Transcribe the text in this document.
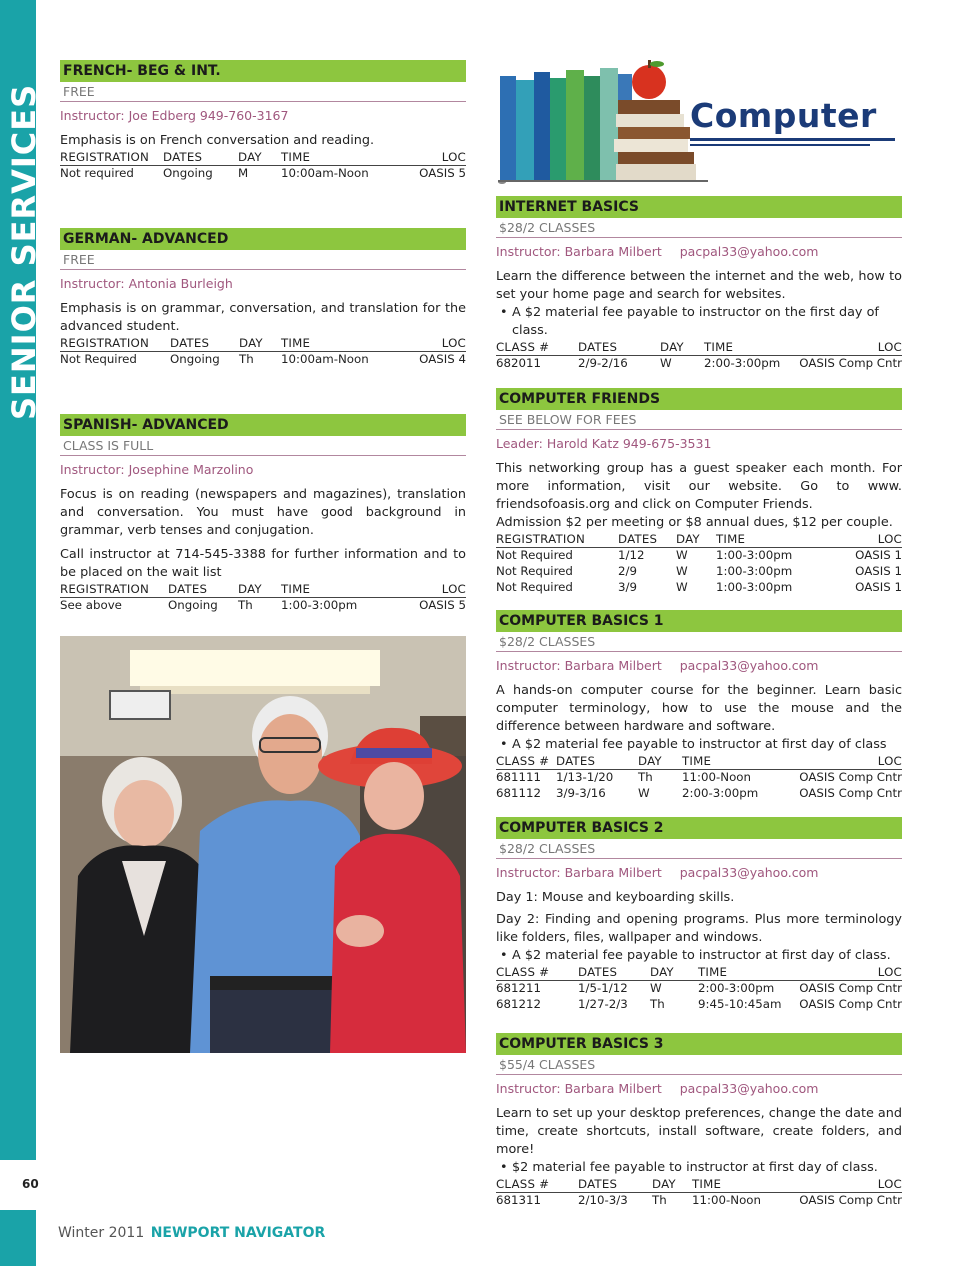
SENIOR SERVICES
60
FRENCH- BEG & INT.
FREE
Instructor: Joe Edberg 949-760-3167
Emphasis is on French conversation and reading.
REGISTRATION	DATES	DAY	TIME	LOC
Not required	Ongoing	M	10:00am-Noon	OASIS 5
GERMAN- ADVANCED
FREE
Instructor: Antonia Burleigh
Emphasis is on grammar, conversation, and translation for the advanced student.
REGISTRATION	DATES	DAY	TIME	LOC
Not Required	Ongoing	Th	10:00am-Noon	OASIS 4
SPANISH- ADVANCED
CLASS IS FULL
Instructor: Josephine Marzolino
Focus is on reading (newspapers and magazines), translation and conversation. You must have good background in grammar, verb tenses and conjugation.
Call instructor at 714-545-3388 for further information and to be placed on the wait list
REGISTRATION	DATES	DAY	TIME	LOC
See above	Ongoing	Th	1:00-3:00pm	OASIS 5
Computer
INTERNET BASICS
$28/2 CLASSES
Instructor: Barbara Milbert pacpal33@yahoo.com
Learn the difference between the internet and the web, how to set your home page and search for websites.
• A $2 material fee payable to instructor on the first day of class.
CLASS #	DATES	DAY	TIME	LOC
682011	2/9-2/16	W	2:00-3:00pm	OASIS Comp Cntr
COMPUTER FRIENDS
SEE BELOW FOR FEES
Leader: Harold Katz 949-675-3531
This networking group has a guest speaker each month. For more information, visit our website. Go to www. friendsofoasis.org and click on Computer Friends.
Admission $2 per meeting or $8 annual dues, $12 per couple.
REGISTRATION	DATES	DAY	TIME	LOC
Not Required	1/12	W	1:00-3:00pm	OASIS 1
Not Required	2/9	W	1:00-3:00pm	OASIS 1
Not Required	3/9	W	1:00-3:00pm	OASIS 1
COMPUTER BASICS 1
$28/2 CLASSES
Instructor: Barbara Milbert pacpal33@yahoo.com
A hands-on computer course for the beginner. Learn basic computer terminology, how to use the mouse and the difference between hardware and software.
• A $2 material fee payable to instructor at first day of class
CLASS #	DATES	DAY	TIME	LOC
681111	1/13-1/20	Th	11:00-Noon	OASIS Comp Cntr
681112	3/9-3/16	W	2:00-3:00pm	OASIS Comp Cntr
COMPUTER BASICS 2
$28/2 CLASSES
Instructor: Barbara Milbert pacpal33@yahoo.com
Day 1: Mouse and keyboarding skills.
Day 2: Finding and opening programs. Plus more terminology like folders, files, wallpaper and windows.
• A $2 material fee payable to instructor at first day of class.
CLASS #	DATES	DAY	TIME	LOC
681211	1/5-1/12	W	2:00-3:00pm	OASIS Comp Cntr
681212	1/27-2/3	Th	9:45-10:45am	OASIS Comp Cntr
COMPUTER BASICS 3
$55/4 CLASSES
Instructor: Barbara Milbert pacpal33@yahoo.com
Learn to set up your desktop preferences, change the date and time, create shortcuts, install software, create folders, and more!
• $2 material fee payable to instructor at first day of class.
CLASS #	DATES	DAY	TIME	LOC
681311	2/10-3/3	Th	11:00-Noon	OASIS Comp Cntr
Winter 2011 NEWPORT NAVIGATOR
